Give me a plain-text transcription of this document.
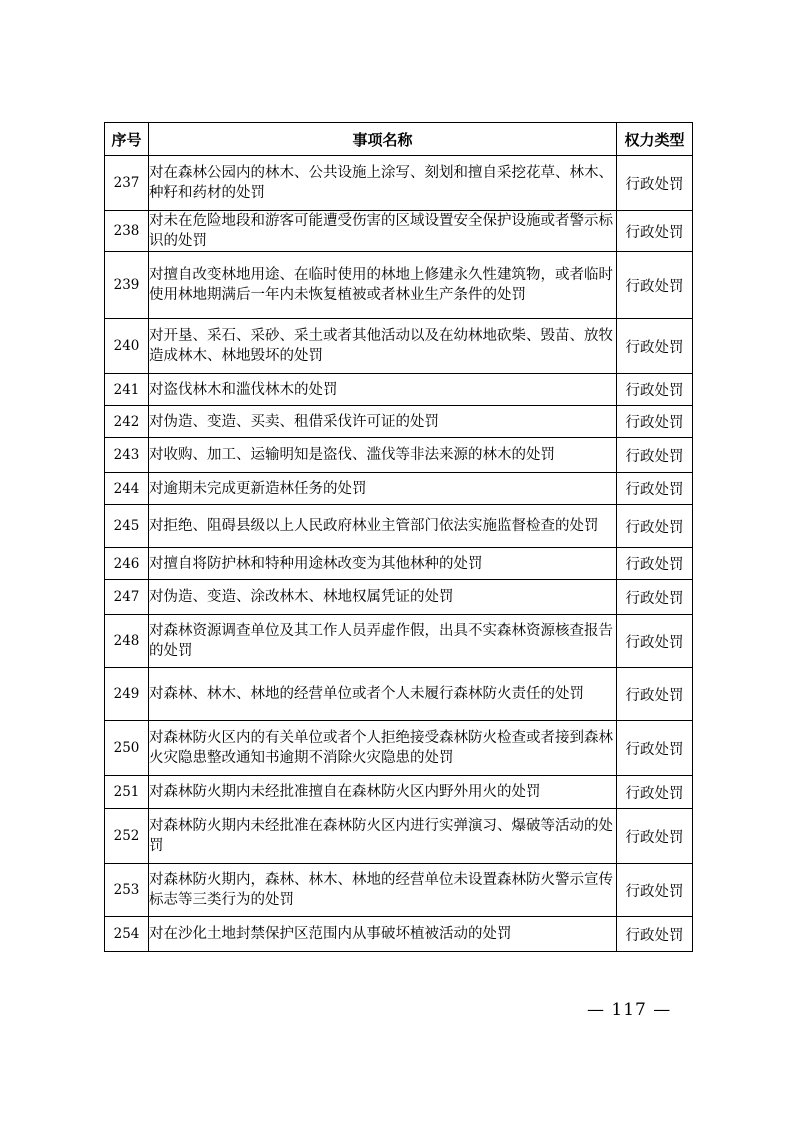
序号	事项名称	权力类型
237	对在森林公园内的林木、公共设施上涂写、刻划和擅自采挖花草、林木、种籽和药材的处罚	行政处罚
238	对未在危险地段和游客可能遭受伤害的区域设置安全保护设施或者警示标识的处罚	行政处罚
239	对擅自改变林地用途、在临时使用的林地上修建永久性建筑物，或者临时使用林地期满后一年内未恢复植被或者林业生产条件的处罚	行政处罚
240	对开垦、采石、采砂、采土或者其他活动以及在幼林地砍柴、毁苗、放牧造成林木、林地毁坏的处罚	行政处罚
241	对盗伐林木和滥伐林木的处罚	行政处罚
242	对伪造、变造、买卖、租借采伐许可证的处罚	行政处罚
243	对收购、加工、运输明知是盗伐、滥伐等非法来源的林木的处罚	行政处罚
244	对逾期未完成更新造林任务的处罚	行政处罚
245	对拒绝、阻碍县级以上人民政府林业主管部门依法实施监督检查的处罚	行政处罚
246	对擅自将防护林和特种用途林改变为其他林种的处罚	行政处罚
247	对伪造、变造、涂改林木、林地权属凭证的处罚	行政处罚
248	对森林资源调查单位及其工作人员弄虚作假，出具不实森林资源核查报告的处罚	行政处罚
249	对森林、林木、林地的经营单位或者个人未履行森林防火责任的处罚	行政处罚
250	对森林防火区内的有关单位或者个人拒绝接受森林防火检查或者接到森林火灾隐患整改通知书逾期不消除火灾隐患的处罚	行政处罚
251	对森林防火期内未经批准擅自在森林防火区内野外用火的处罚	行政处罚
252	对森林防火期内未经批准在森林防火区内进行实弹演习、爆破等活动的处罚	行政处罚
253	对森林防火期内，森林、林木、林地的经营单位未设置森林防火警示宣传标志等三类行为的处罚	行政处罚
254	对在沙化土地封禁保护区范围内从事破坏植被活动的处罚	行政处罚
— 117 —
